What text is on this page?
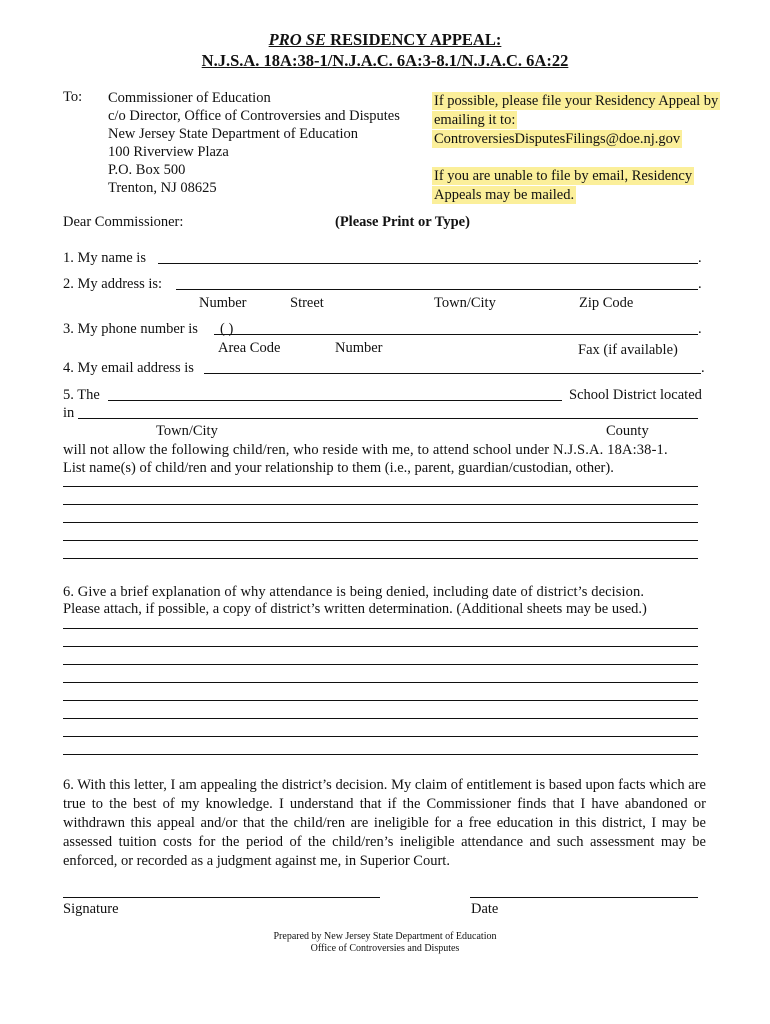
PRO SE RESIDENCY APPEAL:
N.J.S.A. 18A:38-1/N.J.A.C. 6A:3-8.1/N.J.A.C. 6A:22
To: Commissioner of Education
c/o Director, Office of Controversies and Disputes
New Jersey State Department of Education
100 Riverview Plaza
P.O. Box 500
Trenton, NJ 08625
If possible, please file your Residency Appeal by
emailing it to:
ControversiesDisputesFilings@doe.nj.gov
If you are unable to file by email, Residency
Appeals may be mailed.
Dear Commissioner:	(Please Print or Type)
1. My name is	.
2. My address is:	.
Number	Street	Town/City	Zip Code
3. My phone number is ( )	.
Area Code	Number	Fax (if available)
4. My email address is	.
5. The	School District located
in
Town/City	County
will not allow the following child/ren, who reside with me, to attend school under N.J.S.A. 18A:38-1.
List name(s) of child/ren and your relationship to them (i.e., parent, guardian/custodian, other).
6. Give a brief explanation of why attendance is being denied, including date of district’s decision.
Please attach, if possible, a copy of district’s written determination. (Additional sheets may be used.)
6. With this letter, I am appealing the district’s decision. My claim of entitlement is based upon facts which are true to the best of my knowledge. I understand that if the Commissioner finds that I have abandoned or withdrawn this appeal and/or that the child/ren are ineligible for a free education in this district, I may be assessed tuition costs for the period of the child/ren’s ineligible attendance and such assessment may be enforced, or recorded as a judgment against me, in Superior Court.
Signature	Date
Prepared by New Jersey State Department of Education
Office of Controversies and Disputes
